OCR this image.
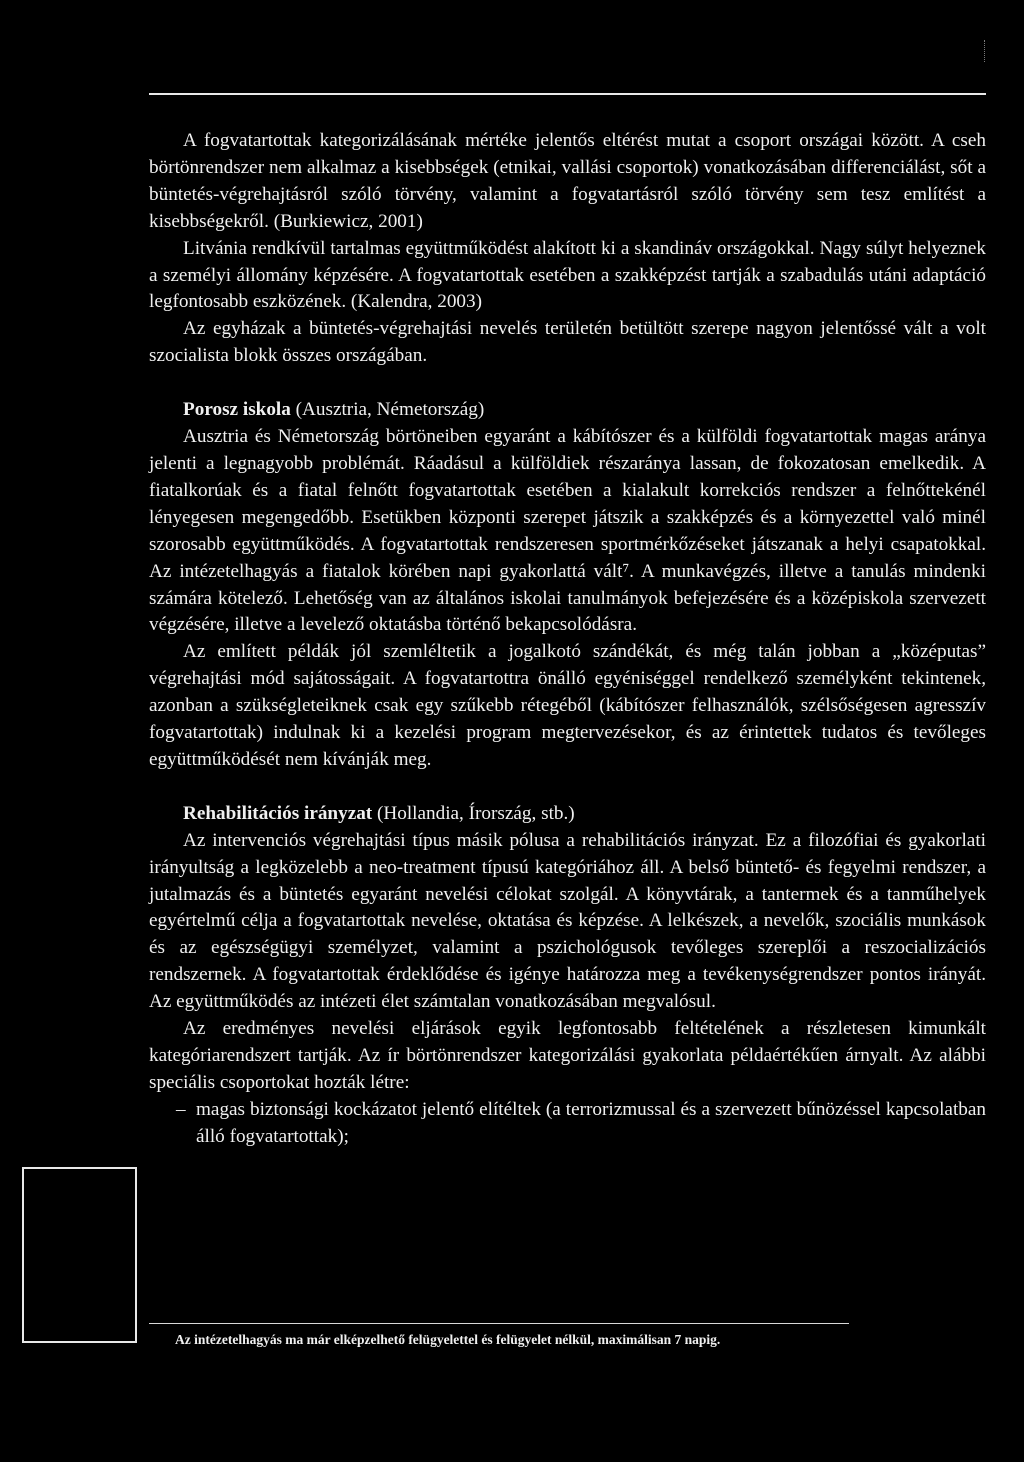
A fogvatartottak kategorizálásának mértéke jelentős eltérést mutat a csoport országai között. A cseh börtönrendszer nem alkalmaz a kisebbségek (etnikai, vallási csoportok) vonatkozásában differenciálást, sőt a büntetés-végrehajtásról szóló törvény, valamint a fogvatartásról szóló törvény sem tesz említést a kisebbségekről. (Burkiewicz, 2001)

Litvánia rendkívül tartalmas együttműködést alakított ki a skandináv országokkal. Nagy súlyt helyeznek a személyi állomány képzésére. A fogvatartottak esetében a szakképzést tartják a szabadulás utáni adaptáció legfontosabb eszközének. (Kalendra, 2003)

Az egyházak a büntetés-végrehajtási nevelés területén betültött szerepe nagyon jelentőssé vált a volt szocialista blokk összes országában.

Porosz iskola (Ausztria, Németország)

Ausztria és Németország börtöneiben egyaránt a kábítószer és a külföldi fogvatartottak magas aránya jelenti a legnagyobb problémát. Ráadásul a külföldiek részaránya lassan, de fokozatosan emelkedik. A fiatalkorúak és a fiatal felnőtt fogvatartottak esetében a kialakult korrekciós rendszer a felnőttekénél lényegesen megengedőbb. Esetükben központi szerepet játszik a szakképzés és a környezettel való minél szorosabb együttműködés. A fogvatartottak rendszeresen sportmérkőzéseket játszanak a helyi csapatokkal. Az intézetelhagyás a fiatalok körében napi gyakorlattá vált⁷. A munkavégzés, illetve a tanulás mindenki számára kötelező. Lehetőség van az általános iskolai tanulmányok befejezésére és a középiskola szervezett végzésére, illetve a levelező oktatásba történő bekapcsolódásra.

Az említett példák jól szemléltetik a jogalkotó szándékát, és még talán jobban a „középutas” végrehajtási mód sajátosságait. A fogvatartottra önálló egyéniséggel rendelkező személyként tekintenek, azonban a szükségleteiknek csak egy szűkebb rétegéből (kábítószer felhasználók, szélsőségesen agresszív fogvatartottak) indulnak ki a kezelési program megtervezésekor, és az érintettek tudatos és tevőleges együttműködését nem kívánják meg.

Rehabilitációs irányzat (Hollandia, Írország, stb.)

Az intervenciós végrehajtási típus másik pólusa a rehabilitációs irányzat. Ez a filozófiai és gyakorlati irányultság a legközelebb a neo-treatment típusú kategóriához áll. A belső büntető- és fegyelmi rendszer, a jutalmazás és a büntetés egyaránt nevelési célokat szolgál. A könyvtárak, a tantermek és a tanműhelyek egyértelmű célja a fogvatartottak nevelése, oktatása és képzése. A lelkészek, a nevelők, szociális munkások és az egészségügyi személyzet, valamint a pszichológusok tevőleges szereplői a reszocializációs rendszernek. A fogvatartottak érdeklődése és igénye határozza meg a tevékenységrendszer pontos irányát. Az együttműködés az intézeti élet számtalan vonatkozásában megvalósul.

Az eredményes nevelési eljárások egyik legfontosabb feltételének a részletesen kimunkált kategóriarendszert tartják. Az ír börtönrendszer kategorizálási gyakorlata példaértékűen árnyalt. Az alábbi speciális csoportokat hozták létre:

– magas biztonsági kockázatot jelentő elítéltek (a terrorizmussal és a szervezett bűnözéssel kapcsolatban álló fogvatartottak);

Az intézetelhagyás ma már elképzelhető felügyelettel és felügyelet nélkül, maximálisan 7 napig.
